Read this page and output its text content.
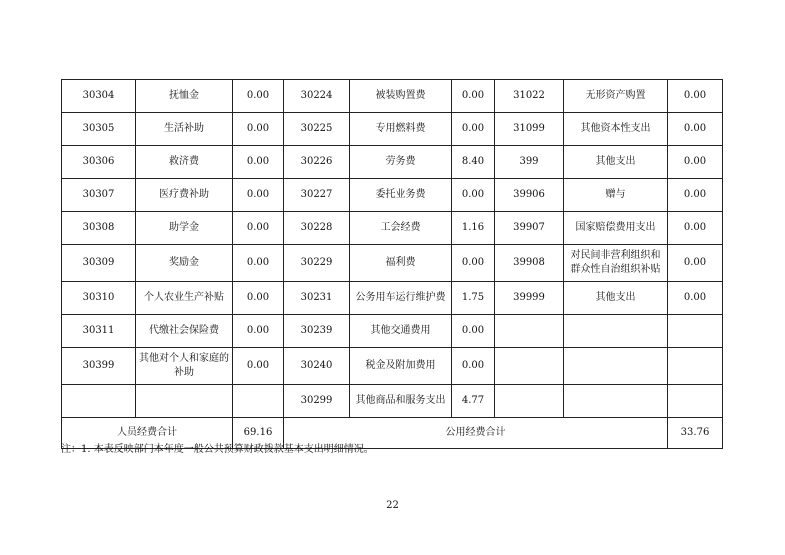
30304	抚恤金	0.00	30224	被装购置费	0.00	31022	无形资产购置	0.00
30305	生活补助	0.00	30225	专用燃料费	0.00	31099	其他资本性支出	0.00
30306	救济费	0.00	30226	劳务费	8.40	399	其他支出	0.00
30307	医疗费补助	0.00	30227	委托业务费	0.00	39906	赠与	0.00
30308	助学金	0.00	30228	工会经费	1.16	39907	国家赔偿费用支出	0.00
30309	奖励金	0.00	30229	福利费	0.00	39908	对民间非营利组织和群众性自治组织补贴	0.00
30310	个人农业生产补贴	0.00	30231	公务用车运行维护费	1.75	39999	其他支出	0.00
30311	代缴社会保险费	0.00	30239	其他交通费用	0.00			
30399	其他对个人和家庭的补助	0.00	30240	税金及附加费用	0.00			
			30299	其他商品和服务支出	4.77			
人员经费合计		69.16	公用经费合计					33.76
注：1. 本表反映部门本年度一般公共预算财政拨款基本支出明细情况。
22
